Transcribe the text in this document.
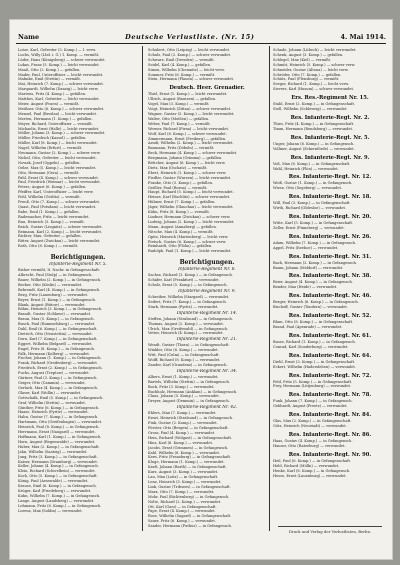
Name	Deutsche Verlustliste. (Nr. 15)	4. Mai 1914.
Lotze, Karl, Gefreiter (3. Komp.) — l. verw.
Luchs, Willy (Lbd. i. G.) 1. Komp. — vermißt.
Lüder, Hans (Königsberg) — schwer verwundet.
Lukas, Franz (5. Komp.) — leicht verwundet.
Maaß, Otto (2. Komp.) — gefallen.
Mader, Paul, Unteroffizier — leicht verwundet.
Mahnke, Emil (Stettin) — vermißt.
Mai, Heinrich (7. Komp.) — schwer verwundet.
Marquardt, Wilhelm (Danzig) — leicht verw.
Martens, Fritz (4. Komp.) — gefallen.
Matthes, Karl, Gefreiter — leicht verwundet.
Meier, August (Posen) — vermißt.
Meißner, Otto (6. Komp.) — schwer verwundet.
Menzel, Paul (Breslau) — leicht verwundet.
Merten, Hermann (1. Komp.) — gefallen.
Meyer, Richard, Unteroffizier — vermißt.
Michaelis, Ernst (Halle) — leicht verwundet.
Möller, Johann (3. Komp.) — schwer verwundet.
Müller, Friedrich (Kassel) — gefallen.
Müller, Karl (8. Komp.) — leicht verwundet.
Nagel, Wilhelm (Erfurt) — vermißt.
Neumann, Gustav (2. Komp.) — schwer verw.
Nickel, Otto, Gefreiter — leicht verwundet.
Nowak, Josef (Oppeln) — gefallen.
Oelze, Max (5. Komp.) — leicht verwundet.
Otto, Hermann (Gera) — vermißt.
Pahl, Ernst (4. Komp.) — schwer verwundet.
Paul, Friedrich (Weimar) — leicht verwundet.
Peters, August (6. Komp.) — gefallen.
Pfeiffer, Karl, Unteroffizier — leicht verw.
Pohl, Wilhelm (Görlitz) — vermißt.
Preuß, Otto (7. Komp.) — schwer verwundet.
Quast, Paul (Potsdam) — leicht verwundet.
Rabe, Emil (1. Komp.) — gefallen.
Rademacher, Fritz — leicht verwundet.
Rau, Heinrich (3. Komp.) — vermißt.
Reich, Gustav (Liegnitz) — schwer verwundet.
Reimann, Karl (2. Komp.) — leicht verwundet.
Richter, Max, Gefreiter — gefallen.
Ritter, August (Zwickau) — leicht verwundet.
Roth, Otto (8. Komp.) — vermißt.
Berichtigungen.
Infanterie-Regiment Nr. 5.
Bisher vermißt, lt. Nachr. in Gefangenschaft:
Albrecht, Paul (Stolp) — in Gefangensch.
Bauer, Wilhelm (2. Komp.) — in Gefangensch.
Becker, Otto (Köslin) — verwundet.
Behrendt, Karl (4. Komp.) — in Gefangensch.
Berg, Fritz (Lauenburg) — verwundet.
Beyer, Ernst (1. Komp.) — in Gefangensch.
Blank, August (Bütow) — verwundet.
Böhm, Heinrich (3. Komp.) — in Gefangensch.
Brandt, Gustav (Schlawe) — verwundet.
Braun, Max (5. Komp.) — in Gefangensch.
Busch, Paul (Rummelsburg) — verwundet.
Dahl, Emil (6. Komp.) — in Gefangenschaft.
Dietrich, Otto (Neustettin) — verwundet.
Dorn, Karl (7. Komp.) — in Gefangenschaft.
Eggert, Wilhelm (Belgard) — verwundet.
Engel, Fritz (8. Komp.) — in Gefangensch.
Falk, Hermann (Kolberg) — verwundet.
Fischer, Johann (1. Komp.) — in Gefangensch.
Frank, Richard (Greifenberg) — verwundet.
Friedrich, Ernst (2. Komp.) — in Gefangensch.
Fuchs, August (Treptow) — verwundet.
Gärtner, Paul (3. Komp.) — in Gefangensch.
Geiger, Otto (Cammin) — verwundet.
Gerlach, Max (4. Komp.) — in Gefangensch.
Glaser, Karl (Wollin) — verwundet.
Gottschalk, Emil (5. Komp.) — in Gefangensch.
Graf, Wilhelm (Stettin) — verwundet.
Günther, Fritz (6. Komp.) — in Gefangensch.
Haase, Heinrich (Pyritz) — verwundet.
Hahn, Gustav (7. Komp.) — in Gefangensch.
Hartmann, Otto (Greifenhagen) — verwundet.
Heinrich, Paul (8. Komp.) — in Gefangensch.
Herrmann, Ernst (Naugard) — verwundet.
Hoffmann, Karl (1. Komp.) — in Gefangensch.
Horn, August (Regenwalde) — verwundet.
Huber, Max (2. Komp.) — in Gefangenschaft.
Jahn, Wilhelm (Saatzig) — verwundet.
Jung, Fritz (3. Komp.) — in Gefangenschaft.
Kaiser, Hermann (Dramburg) — verwundet.
Keller, Johann (4. Komp.) — in Gefangensch.
Klein, Richard (Schivelbein) — verwundet.
Koch, Otto (5. Komp.) — in Gefangenschaft.
König, Paul (Arnswalde) — verwundet.
Krause, Emil (6. Komp.) — in Gefangensch.
Krüger, Karl (Friedeberg) — verwundet.
Kuhn, Wilhelm (7. Komp.) — in Gefangensch.
Lange, August (Landsberg) — verwundet.
Lehmann, Fritz (8. Komp.) — in Gefangensch.
Lorenz, Max (Soldin) — verwundet.
Schubert, Otto (Leipzig) — leicht verwundet.
Schulz, Paul (2. Komp.) — schwer verwundet.
Schwarz, Emil (Dresden) — vermißt.
Seidel, Karl (4. Komp.) — gefallen.
Simon, Wilhelm (Chemnitz) — leicht verw.
Sommer, Fritz (6. Komp.) — vermißt.
Stein, Hermann (Plauen) — schwer verwundet.
Deutsch. Heer. Grenadier.
Thiel, Ernst (1. Komp.) — leicht verwundet.
Ullrich, August (Bautzen) — gefallen.
Vogel, Max (3. Komp.) — vermißt.
Voigt, Heinrich (Zittau) — schwer verwundet.
Wagner, Gustav (5. Komp.) — leicht verwundet.
Walter, Otto (Meißen) — gefallen.
Weber, Paul (7. Komp.) — vermißt.
Werner, Richard (Pirna) — leicht verwundet.
Wolf, Karl (8. Komp.) — schwer verwundet.
Zimmermann, Ernst (Freiberg) — gefallen.
Arndt, Wilhelm (2. Komp.) — leicht verwundet.
Baumann, Fritz (Döbeln) — vermißt.
Beck, Hermann (4. Komp.) — schwer verwundet.
Bergmann, Johann (Grimma) — gefallen.
Böttcher, August (6. Komp.) — leicht verw.
Dietz, Max (Oschatz) — vermißt.
Ebert, Heinrich (1. Komp.) — schwer verw.
Fiedler, Gustav (Wurzen) — leicht verwundet.
Franke, Otto (3. Komp.) — gefallen.
Geißler, Paul (Borna) — vermißt.
Haupt, Richard (5. Komp.) — leicht verwundet.
Heinze, Karl (Rochlitz) — schwer verwundet.
Hübner, Ernst (7. Komp.) — gefallen.
Jäger, Wilhelm (Glauchau) — leicht verwundet.
Kühn, Fritz (8. Komp.) — vermißt.
Lindner, Hermann (Zwickau) — schwer verw.
Ludwig, Johann (2. Komp.) — leicht verwundet.
Mann, August (Annaberg) — gefallen.
Nitsche, Max (4. Komp.) — vermißt.
Opitz, Heinrich (Marienberg) — leicht verw.
Pietsch, Gustav (6. Komp.) — schwer verw.
Reinhardt, Otto (Flöha) — gefallen.
Rudolph, Paul (1. Komp.) — leicht verwundet.
Berichtigungen.
Infanterie-Regiment Nr. 8.
Sachse, Richard (3. Komp.) — in Gefangensch.
Schäfer, Karl (Frankfurt) — verwundet.
Scholz, Ernst (5. Komp.) — in Gefangensch.
Infanterie-Regiment Nr. 9.
Schreiber, Wilhelm (Stargard) — verwundet.
Seifert, Fritz (7. Komp.) — in Gefangensch.
Stark, Hermann (Pyritz) — verwundet.
Infanterie-Regiment Nr. 14.
Steffen, Johann (Stralsund) — in Gefangensch.
Thomas, August (2. Komp.) — verwundet.
Ulrich, Max (Greifswald) — in Gefangensch.
Vetter, Heinrich (4. Komp.) — verwundet.
Infanterie-Regiment Nr. 21.
Wendt, Gustav (Thorn) — in Gefangenschaft.
Winkler, Otto (6. Komp.) — verwundet.
Witt, Paul (Culm) — in Gefangenschaft.
Wolff, Richard (8. Komp.) — verwundet.
Zander, Karl (Graudenz) — in Gefangensch.
Infanterie-Regiment Nr. 34.
Albers, Ernst (1. Komp.) — verwundet.
Bartels, Wilhelm (Stettin) — in Gefangensch.
Bock, Fritz (3. Komp.) — verwundet.
Buchholz, Hermann (Anklam) — in Gefangensch.
Claus, Johann (5. Komp.) — verwundet.
Dreyer, August (Demmin) — in Gefangensch.
Infanterie-Regiment Nr. 42.
Ehlers, Max (7. Komp.) — verwundet.
Ernst, Heinrich (Stralsund) — in Gefangensch.
Fink, Gustav (2. Komp.) — verwundet.
Förster, Otto (Bergen) — in Gefangenschaft.
Gross, Paul (4. Komp.) — verwundet.
Hein, Richard (Wolgast) — in Gefangenschaft.
Hinz, Karl (6. Komp.) — verwundet.
Jacobs, Ernst (Grimmen) — in Gefangensch.
Kahl, Wilhelm (8. Komp.) — verwundet.
Kern, Fritz (Franzburg) — in Gefangenschaft.
Kluge, Hermann (1. Komp.) — verwundet.
Kraft, Johann (Barth) — in Gefangenschaft.
Kurz, August (3. Komp.) — verwundet.
Lau, Max (Loitz) — in Gefangenschaft.
Lenz, Heinrich (5. Komp.) — verwundet.
Link, Gustav (Tribsees) — in Gefangenschaft.
Marx, Otto (7. Komp.) — verwundet.
Mohr, Paul (Richtenberg) — in Gefangensch.
Nolte, Richard (2. Komp.) — verwundet.
Ott, Karl (Garz) — in Gefangenschaft.
Pape, Ernst (4. Komp.) — verwundet.
Rose, Wilhelm (Sagard) — in Gefangenschaft.
Sauer, Fritz (6. Komp.) — verwundet.
Sander, Hermann (Putbus) — in Gefangensch.
Schade, Johann (Lübeck) — leicht verwundet.
Schenk, August (3. Komp.) — gefallen.
Schlegel, Max (Kiel) — vermißt.
Schmitt, Heinrich (5. Komp.) — schwer verw.
Schneider, Gustav (Altona) — leicht verw.
Schröder, Otto (7. Komp.) — gefallen.
Schütz, Paul (Flensburg) — vermißt.
Seeger, Richard (1. Komp.) — leicht verw.
Sievers, Karl (Husum) — schwer verwundet.
Ers. Res.-Regiment Nr. 15.
Stahl, Ernst (2. Komp.) — in Gefangenschaft.
Stoll, Wilhelm (Schleswig) — verwundet.
Res. Infanterie-Regt. Nr. 2.
Thies, Fritz (4. Komp.) — in Gefangenschaft.
Timm, Hermann (Rendsburg) — verwundet.
Res. Infanterie-Regt. Nr. 5.
Unger, Johann (6. Komp.) — in Gefangensch.
Vollmer, August (Eckernförde) — verwundet.
Res. Infanterie-Regt. Nr. 9.
Voß, Max (8. Komp.) — in Gefangenschaft.
Wahl, Heinrich (Plön) — verwundet.
Res. Infanterie-Regt. Nr. 12.
Weiß, Gustav (1. Komp.) — in Gefangensch.
Wiese, Otto (Segeberg) — verwundet.
Res. Infanterie-Regt. Nr. 18.
Will, Paul (3. Komp.) — in Gefangenschaft.
Wirth, Richard (Oldesloe) — verwundet.
Res. Infanterie-Regt. Nr. 20.
Witte, Karl (5. Komp.) — in Gefangenschaft.
Zeller, Ernst (Pinneberg) — verwundet.
Res. Infanterie-Regt. Nr. 26.
Adam, Wilhelm (7. Komp.) — in Gefangensch.
Appel, Fritz (Itzehoe) — verwundet.
Res. Infanterie-Regt. Nr. 31.
Bach, Hermann (2. Komp.) — in Gefangensch.
Baum, Johann (Meldorf) — verwundet.
Res. Infanterie-Regt. Nr. 38.
Beier, August (4. Komp.) — in Gefangensch.
Bender, Max (Heide) — verwundet.
Res. Infanterie-Regt. Nr. 46.
Berger, Heinrich (6. Komp.) — in Gefangensch.
Bischoff, Gustav (Tondern) — verwundet.
Res. Infanterie-Regt. Nr. 52.
Blum, Otto (8. Komp.) — in Gefangenschaft.
Brand, Paul (Apenrade) — verwundet.
Res. Infanterie-Regt. Nr. 61.
Busse, Richard (1. Komp.) — in Gefangensch.
Conrad, Karl (Sonderburg) — verwundet.
Res. Infanterie-Regt. Nr. 64.
Diehl, Ernst (3. Komp.) — in Gefangenschaft.
Eckert, Wilhelm (Hadersleben) — verwundet.
Res. Infanterie-Regt. Nr. 72.
Feld, Fritz (5. Komp.) — in Gefangenschaft.
Frey, Hermann (Lütjenburg) — verwundet.
Res. Infanterie-Regt. Nr. 78.
Funk, Johann (7. Komp.) — in Gefangensch.
Gebhardt, August (Preetz) — verwundet.
Res. Infanterie-Regt. Nr. 84.
Glas, Max (2. Komp.) — in Gefangenschaft.
Götz, Heinrich (Neustadt) — verwundet.
Res. Infanterie-Regt. Nr. 86.
Haas, Gustav (4. Komp.) — in Gefangensch.
Hauser, Otto (Ratzeburg) — verwundet.
Res. Infanterie-Regt. Nr. 90.
Heil, Paul (6. Komp.) — in Gefangenschaft.
Held, Richard (Mölln) — verwundet.
Henke, Karl (8. Komp.) — in Gefangensch.
Hesse, Ernst (Lauenburg) — verwundet.
Druck und Verlag der Verlustlisten, Berlin.
